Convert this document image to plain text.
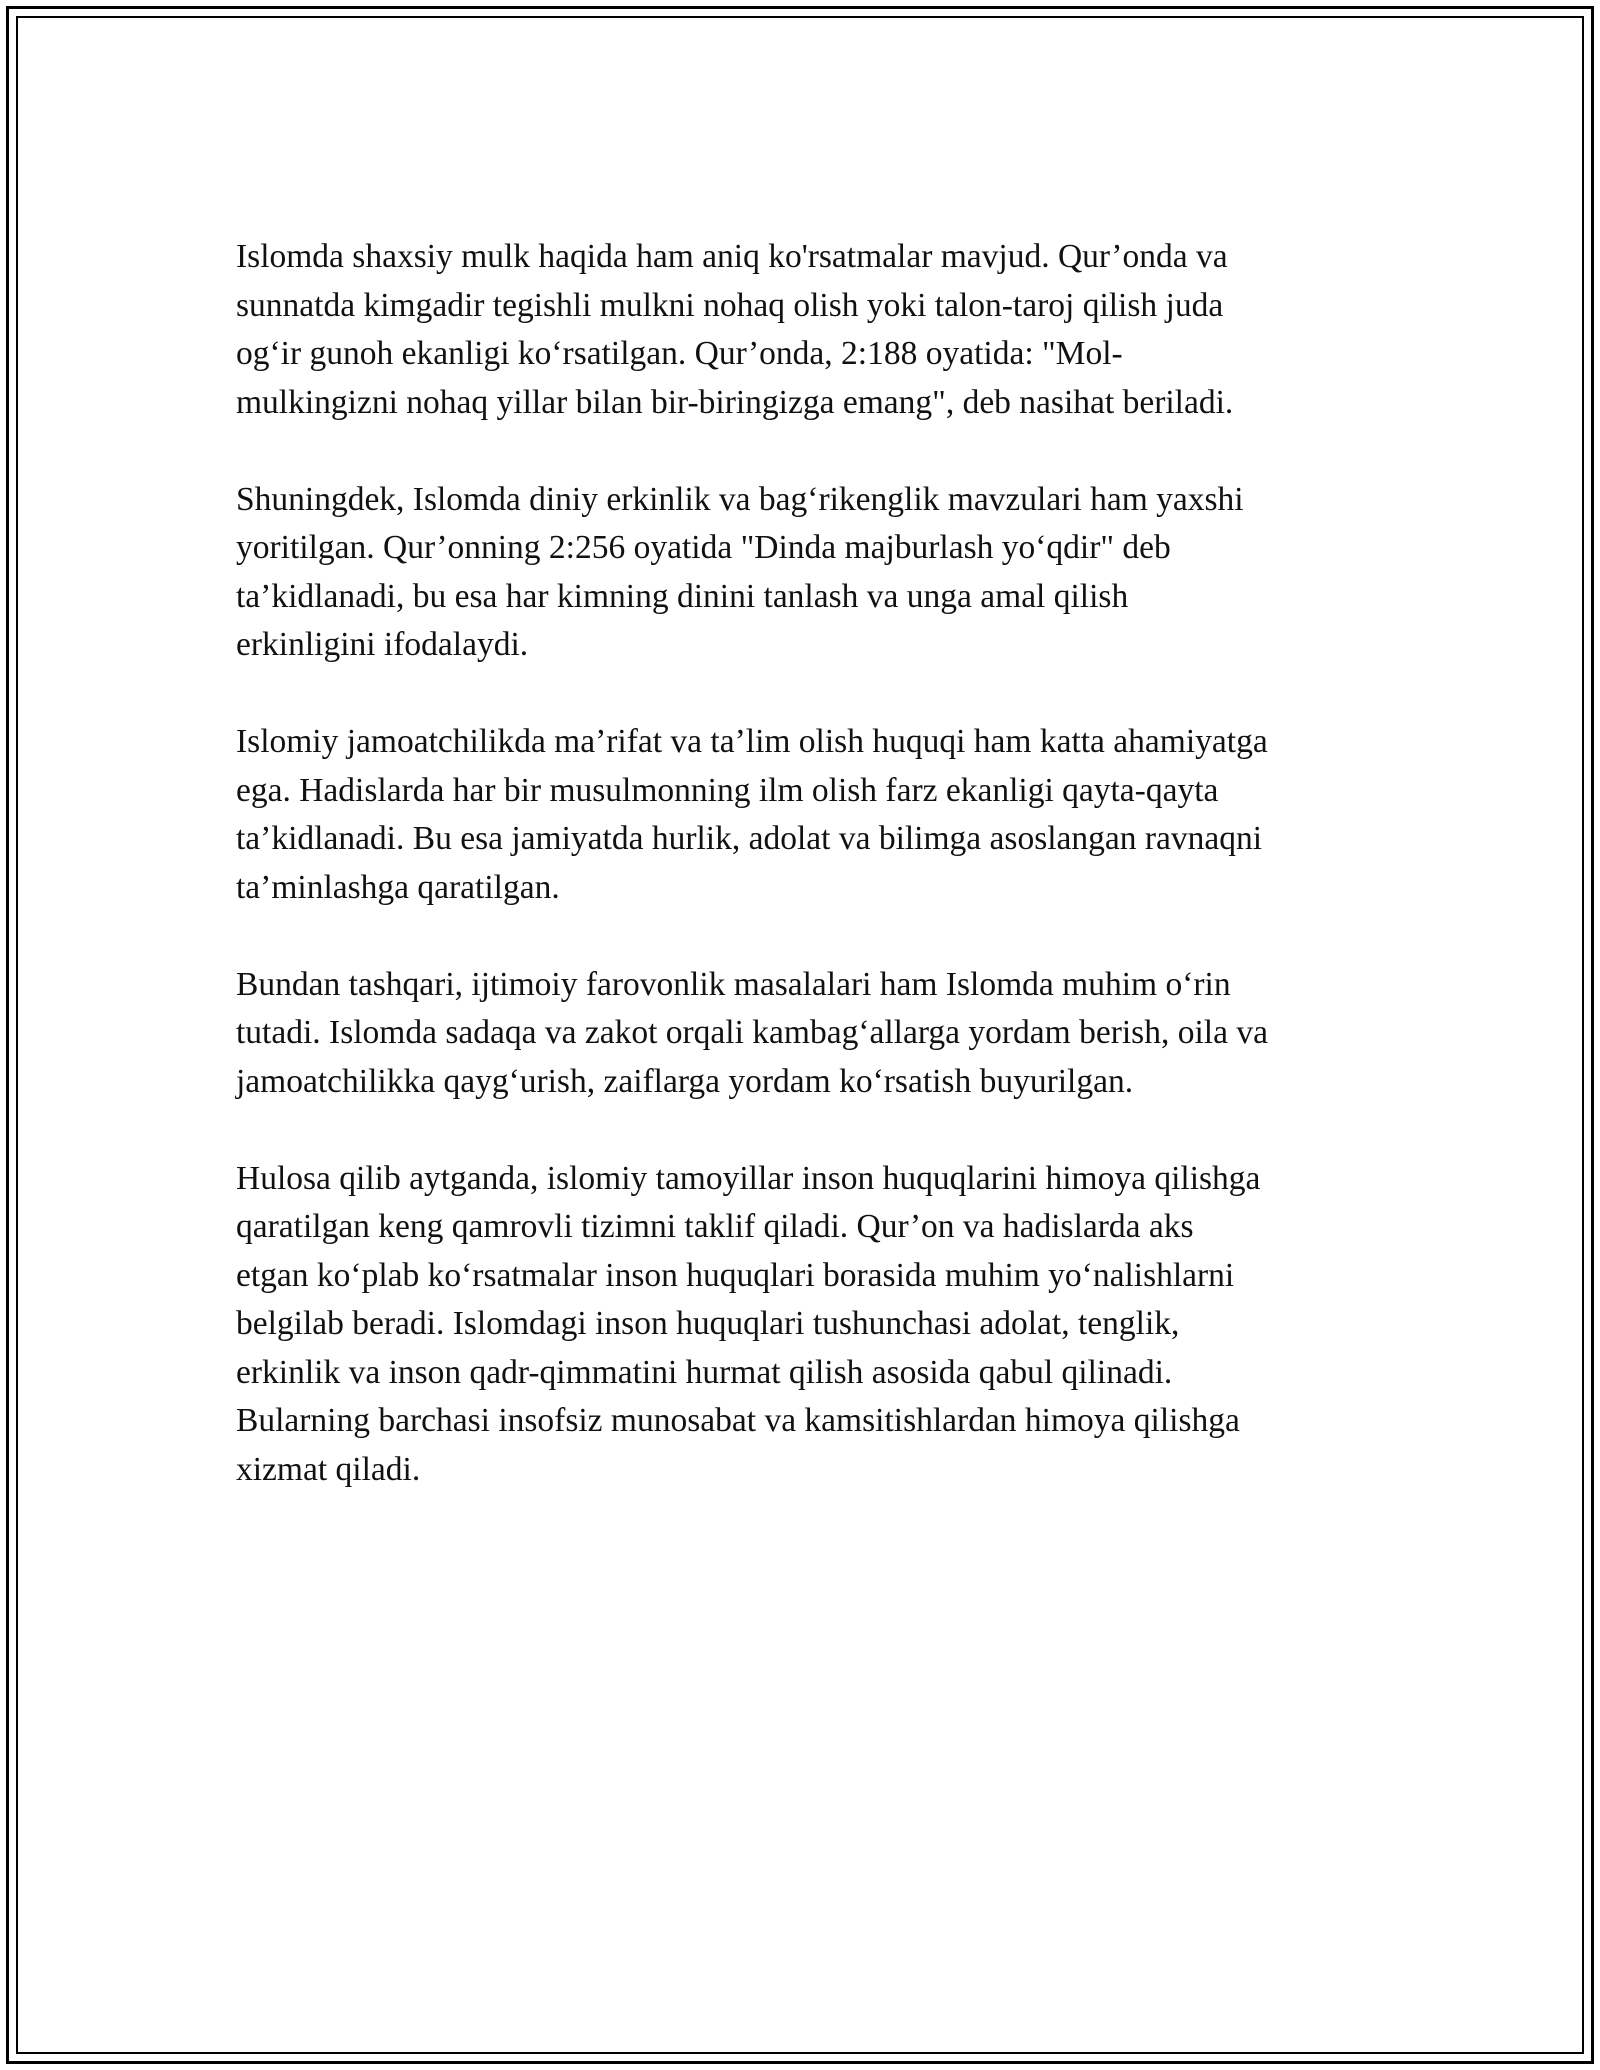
Islomda shaxsiy mulk haqida ham aniq ko'rsatmalar mavjud. Qur’onda va
sunnatda kimgadir tegishli mulkni nohaq olish yoki talon-taroj qilish juda
og‘ir gunoh ekanligi ko‘rsatilgan. Qur’onda, 2:188 oyatida: "Mol-
mulkingizni nohaq yillar bilan bir-biringizga emang", deb nasihat beriladi.

Shuningdek, Islomda diniy erkinlik va bag‘rikenglik mavzulari ham yaxshi
yoritilgan. Qur’onning 2:256 oyatida "Dinda majburlash yo‘qdir" deb
ta’kidlanadi, bu esa har kimning dinini tanlash va unga amal qilish
erkinligini ifodalaydi.

Islomiy jamoatchilikda ma’rifat va ta’lim olish huquqi ham katta ahamiyatga
ega. Hadislarda har bir musulmonning ilm olish farz ekanligi qayta-qayta
ta’kidlanadi. Bu esa jamiyatda hurlik, adolat va bilimga asoslangan ravnaqni
ta’minlashga qaratilgan.

Bundan tashqari, ijtimoiy farovonlik masalalari ham Islomda muhim o‘rin
tutadi. Islomda sadaqa va zakot orqali kambag‘allarga yordam berish, oila va
jamoatchilikka qayg‘urish, zaiflarga yordam ko‘rsatish buyurilgan.

Hulosa qilib aytganda, islomiy tamoyillar inson huquqlarini himoya qilishga
qaratilgan keng qamrovli tizimni taklif qiladi. Qur’on va hadislarda aks
etgan ko‘plab ko‘rsatmalar inson huquqlari borasida muhim yo‘nalishlarni
belgilab beradi. Islomdagi inson huquqlari tushunchasi adolat, tenglik,
erkinlik va inson qadr-qimmatini hurmat qilish asosida qabul qilinadi.
Bularning barchasi insofsiz munosabat va kamsitishlardan himoya qilishga
xizmat qiladi.
